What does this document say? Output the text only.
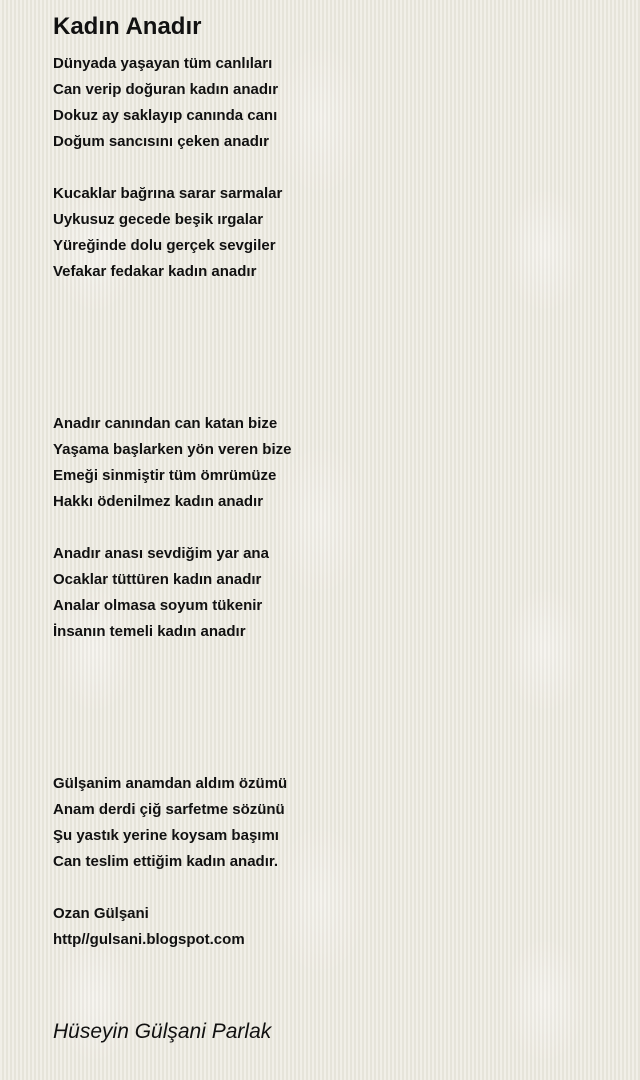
Kadın Anadır
Dünyada yaşayan tüm canlıları
Can verip doğuran kadın anadır
Dokuz ay saklayıp canında canı
Doğum sancısını çeken anadır
Kucaklar bağrına sarar sarmalar
Uykusuz gecede beşik ırgalar
Yüreğinde dolu gerçek sevgiler
Vefakar fedakar kadın anadır
Anadır canından can katan bize
Yaşama başlarken yön veren bize
Emeği sinmiştir tüm ömrümüze
Hakkı ödenilmez kadın anadır
Anadır anası sevdiğim yar ana
Ocaklar tüttüren kadın anadır
Analar olmasa soyum tükenir
İnsanın temeli kadın anadır
Gülşanim anamdan aldım özümü
Anam derdi çiğ sarfetme sözünü
Şu yastık yerine koysam başımı
Can teslim ettiğim kadın anadır.
Ozan Gülşani
http//gulsani.blogspot.com
Hüseyin Gülşani Parlak
